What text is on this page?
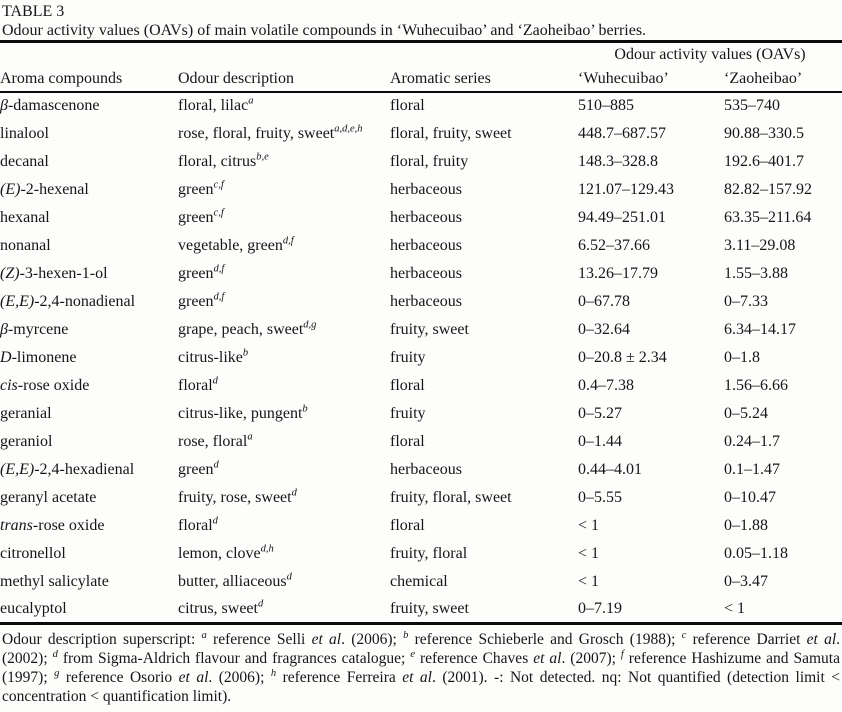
TABLE 3
Odour activity values (OAVs) of main volatile compounds in ‘Wuhecuibao’ and ‘Zaoheibao’ berries.
			Odour activity values (OAVs)	
Aroma compounds	Odour description	Aromatic series	‘Wuhecuibao’	‘Zaoheibao’
β-damascenone	floral, lilac$^a$	floral	510–885	535–740
linalool	rose, floral, fruity, sweet$^{a,d,e,h}$	floral, fruity, sweet	448.7–687.57	90.88–330.5
decanal	floral, citrus$^{b,e}$	floral, fruity	148.3–328.8	192.6–401.7
(E)-2-hexenal	green$^{c,f}$	herbaceous	121.07–129.43	82.82–157.92
hexanal	green$^{c,f}$	herbaceous	94.49–251.01	63.35–211.64
nonanal	vegetable, green$^{d,f}$	herbaceous	6.52–37.66	3.11–29.08
(Z)-3-hexen-1-ol	green$^{d,f}$	herbaceous	13.26–17.79	1.55–3.88
(E,E)-2,4-nonadienal	green$^{d,f}$	herbaceous	0–67.78	0–7.33
β-myrcene	grape, peach, sweet$^{d,g}$	fruity, sweet	0–32.64	6.34–14.17
D-limonene	citrus-like$^b$	fruity	0–20.8 ± 2.34	0–1.8
cis-rose oxide	floral$^d$	floral	0.4–7.38	1.56–6.66
geranial	citrus-like, pungent$^b$	fruity	0–5.27	0–5.24
geraniol	rose, floral$^a$	floral	0–1.44	0.24–1.7
(E,E)-2,4-hexadienal	green$^d$	herbaceous	0.44–4.01	0.1–1.47
geranyl acetate	fruity, rose, sweet$^d$	fruity, floral, sweet	0–5.55	0–10.47
trans-rose oxide	floral$^d$	floral	< 1	0–1.88
citronellol	lemon, clove$^{d,h}$	fruity, floral	< 1	0.05–1.18
methyl salicylate	butter, alliaceous$^d$	chemical	< 1	0–3.47
eucalyptol	citrus, sweet$^d$	fruity, sweet	0–7.19	< 1
Odour description superscript: $^a$ reference Selli et al. (2006); $^b$ reference Schieberle and Grosch (1988); $^c$ reference Darriet et al. (2002); $^d$ from Sigma-Aldrich flavour and fragrances catalogue; $^e$ reference Chaves et al. (2007); $^f$ reference Hashizume and Samuta (1997); $^g$ reference Osorio et al. (2006); $^h$ reference Ferreira et al. (2001). -: Not detected. nq: Not quantified (detection limit < concentration < quantification limit).
